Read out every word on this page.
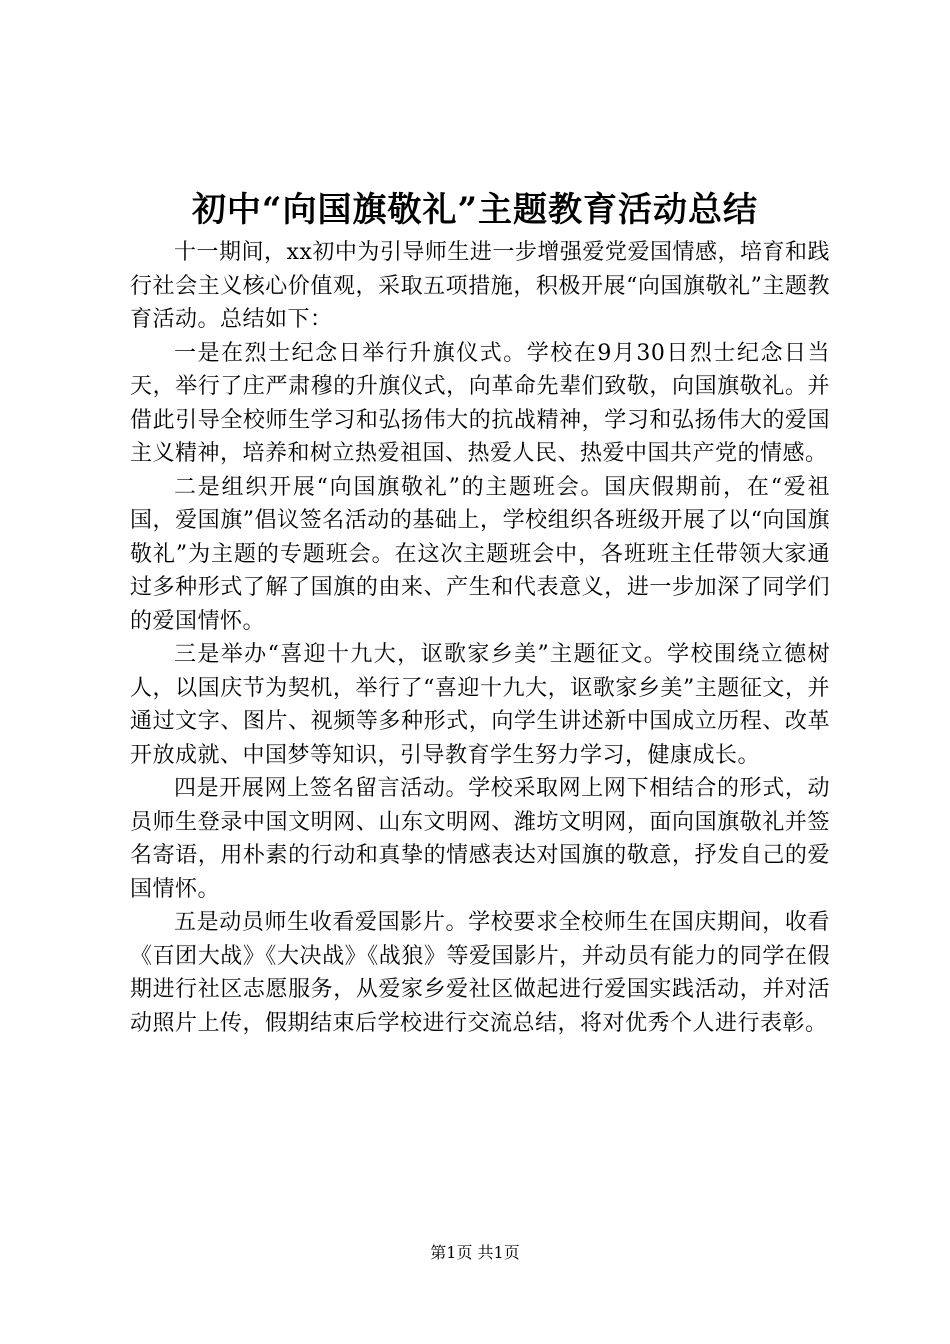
初中“向国旗敬礼”主题教育活动总结

十一期间，xx初中为引导师生进一步增强爱党爱国情感，培育和践行社会主义核心价值观，采取五项措施，积极开展“向国旗敬礼”主题教育活动。总结如下：

一是在烈士纪念日举行升旗仪式。学校在9月30日烈士纪念日当天，举行了庄严肃穆的升旗仪式，向革命先辈们致敬，向国旗敬礼。并借此引导全校师生学习和弘扬伟大的抗战精神，学习和弘扬伟大的爱国主义精神，培养和树立热爱祖国、热爱人民、热爱中国共产党的情感。

二是组织开展“向国旗敬礼”的主题班会。国庆假期前，在“爱祖国，爱国旗”倡议签名活动的基础上，学校组织各班级开展了以“向国旗敬礼”为主题的专题班会。在这次主题班会中，各班班主任带领大家通过多种形式了解了国旗的由来、产生和代表意义，进一步加深了同学们的爱国情怀。

三是举办“喜迎十九大，讴歌家乡美”主题征文。学校围绕立德树人，以国庆节为契机，举行了“喜迎十九大，讴歌家乡美”主题征文，并通过文字、图片、视频等多种形式，向学生讲述新中国成立历程、改革开放成就、中国梦等知识，引导教育学生努力学习，健康成长。

四是开展网上签名留言活动。学校采取网上网下相结合的形式，动员师生登录中国文明网、山东文明网、潍坊文明网，面向国旗敬礼并签名寄语，用朴素的行动和真挚的情感表达对国旗的敬意，抒发自己的爱国情怀。

五是动员师生收看爱国影片。学校要求全校师生在国庆期间，收看《百团大战》《大决战》《战狼》等爱国影片，并动员有能力的同学在假期进行社区志愿服务，从爱家乡爱社区做起进行爱国实践活动，并对活动照片上传，假期结束后学校进行交流总结，将对优秀个人进行表彰。

第1页 共1页
